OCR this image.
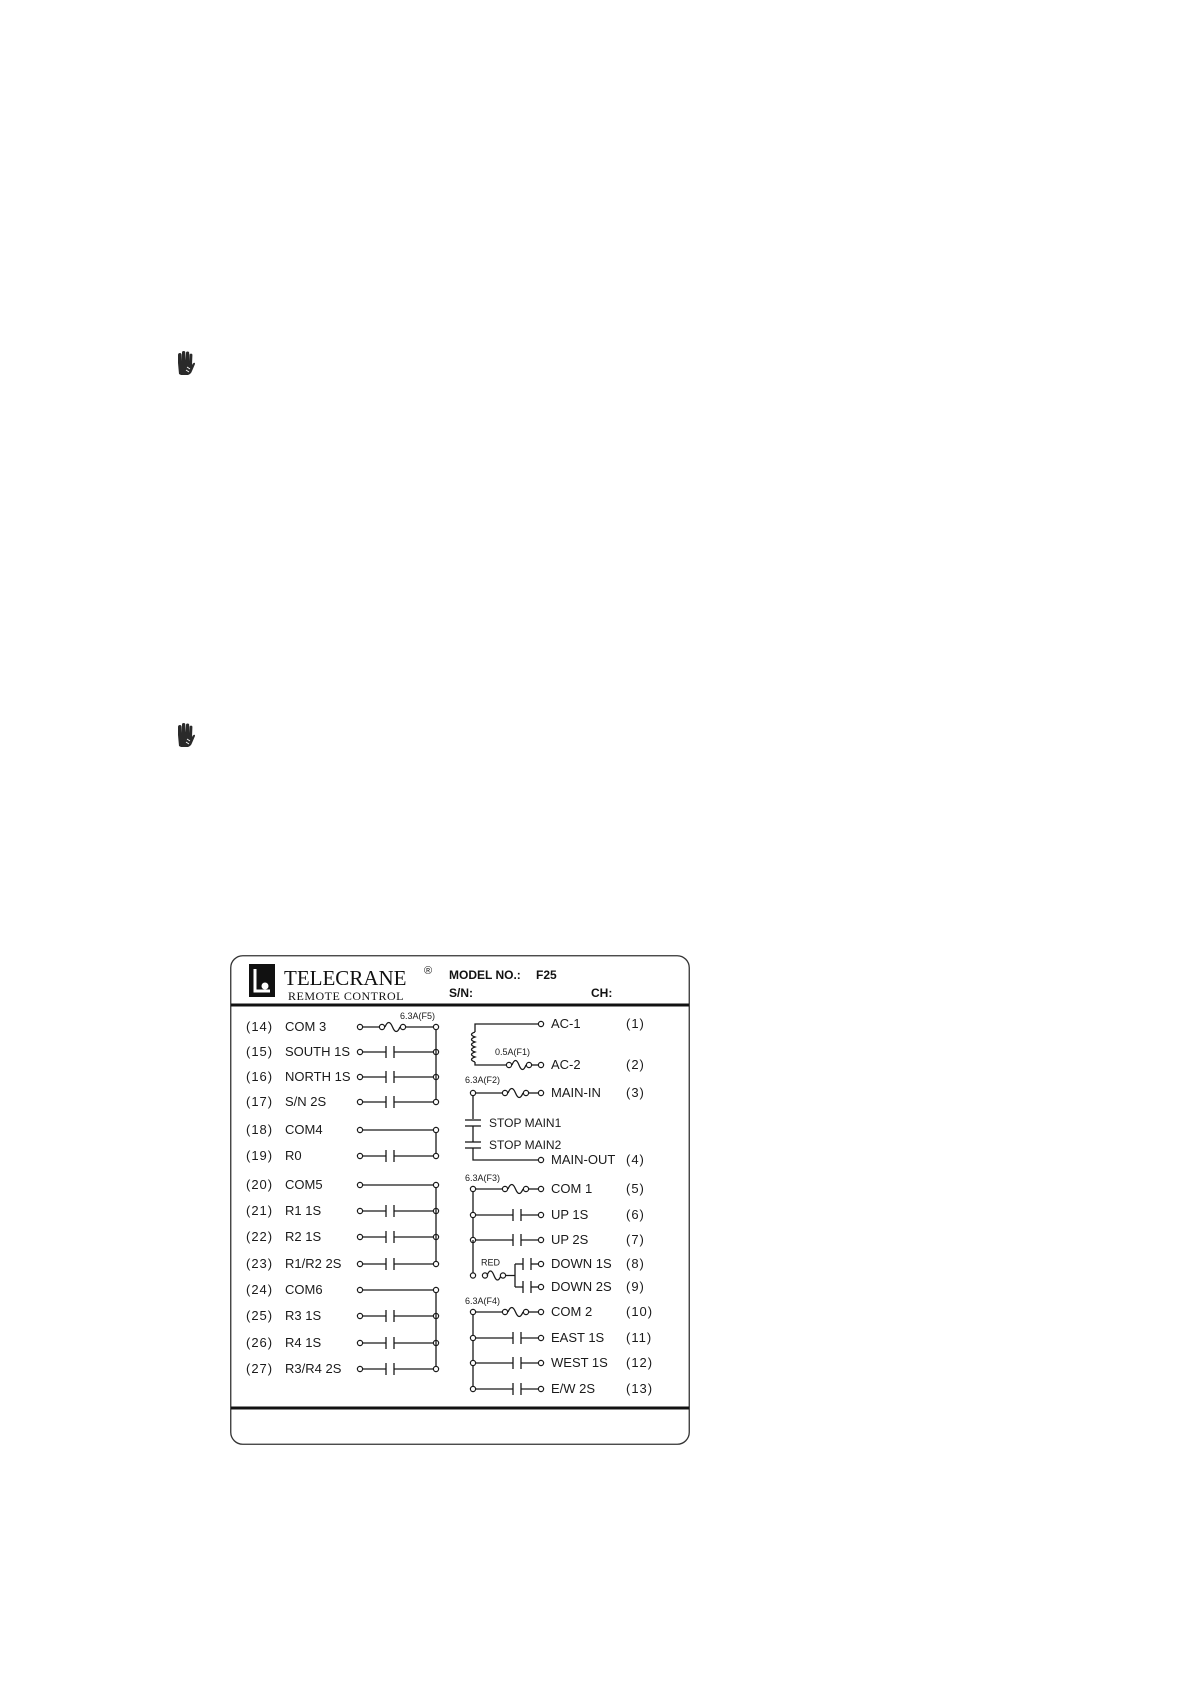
TELECRANE ®
REMOTE CONTROL
MODEL NO.: F25
S/N:	CH:
(14) COM 3
6.3A(F5)
(15) SOUTH 1S
(16) NORTH 1S
(17) S/N 2S
(18) COM4
(19) R0
(20) COM5
(21) R1 1S
(22) R2 1S
(23) R1/R2 2S
(24) COM6
(25) R3 1S
(26) R4 1S
(27) R3/R4 2S
AC-1	(1)
AC-2	(2)
MAIN-IN (3)
MAIN-OUT (4)
COM 1	(5)
UP 1S	(6)
UP 2S	(7)
DOWN 1S (8)
DOWN 2S (9)
COM 2	(10)
EAST 1S (11)
WEST 1S (12)
E/W 2S (13)
0.5A(F1)
6.3A(F2)
STOP MAIN1
STOP MAIN2
6.3A(F3)
RED
6.3A(F4)
